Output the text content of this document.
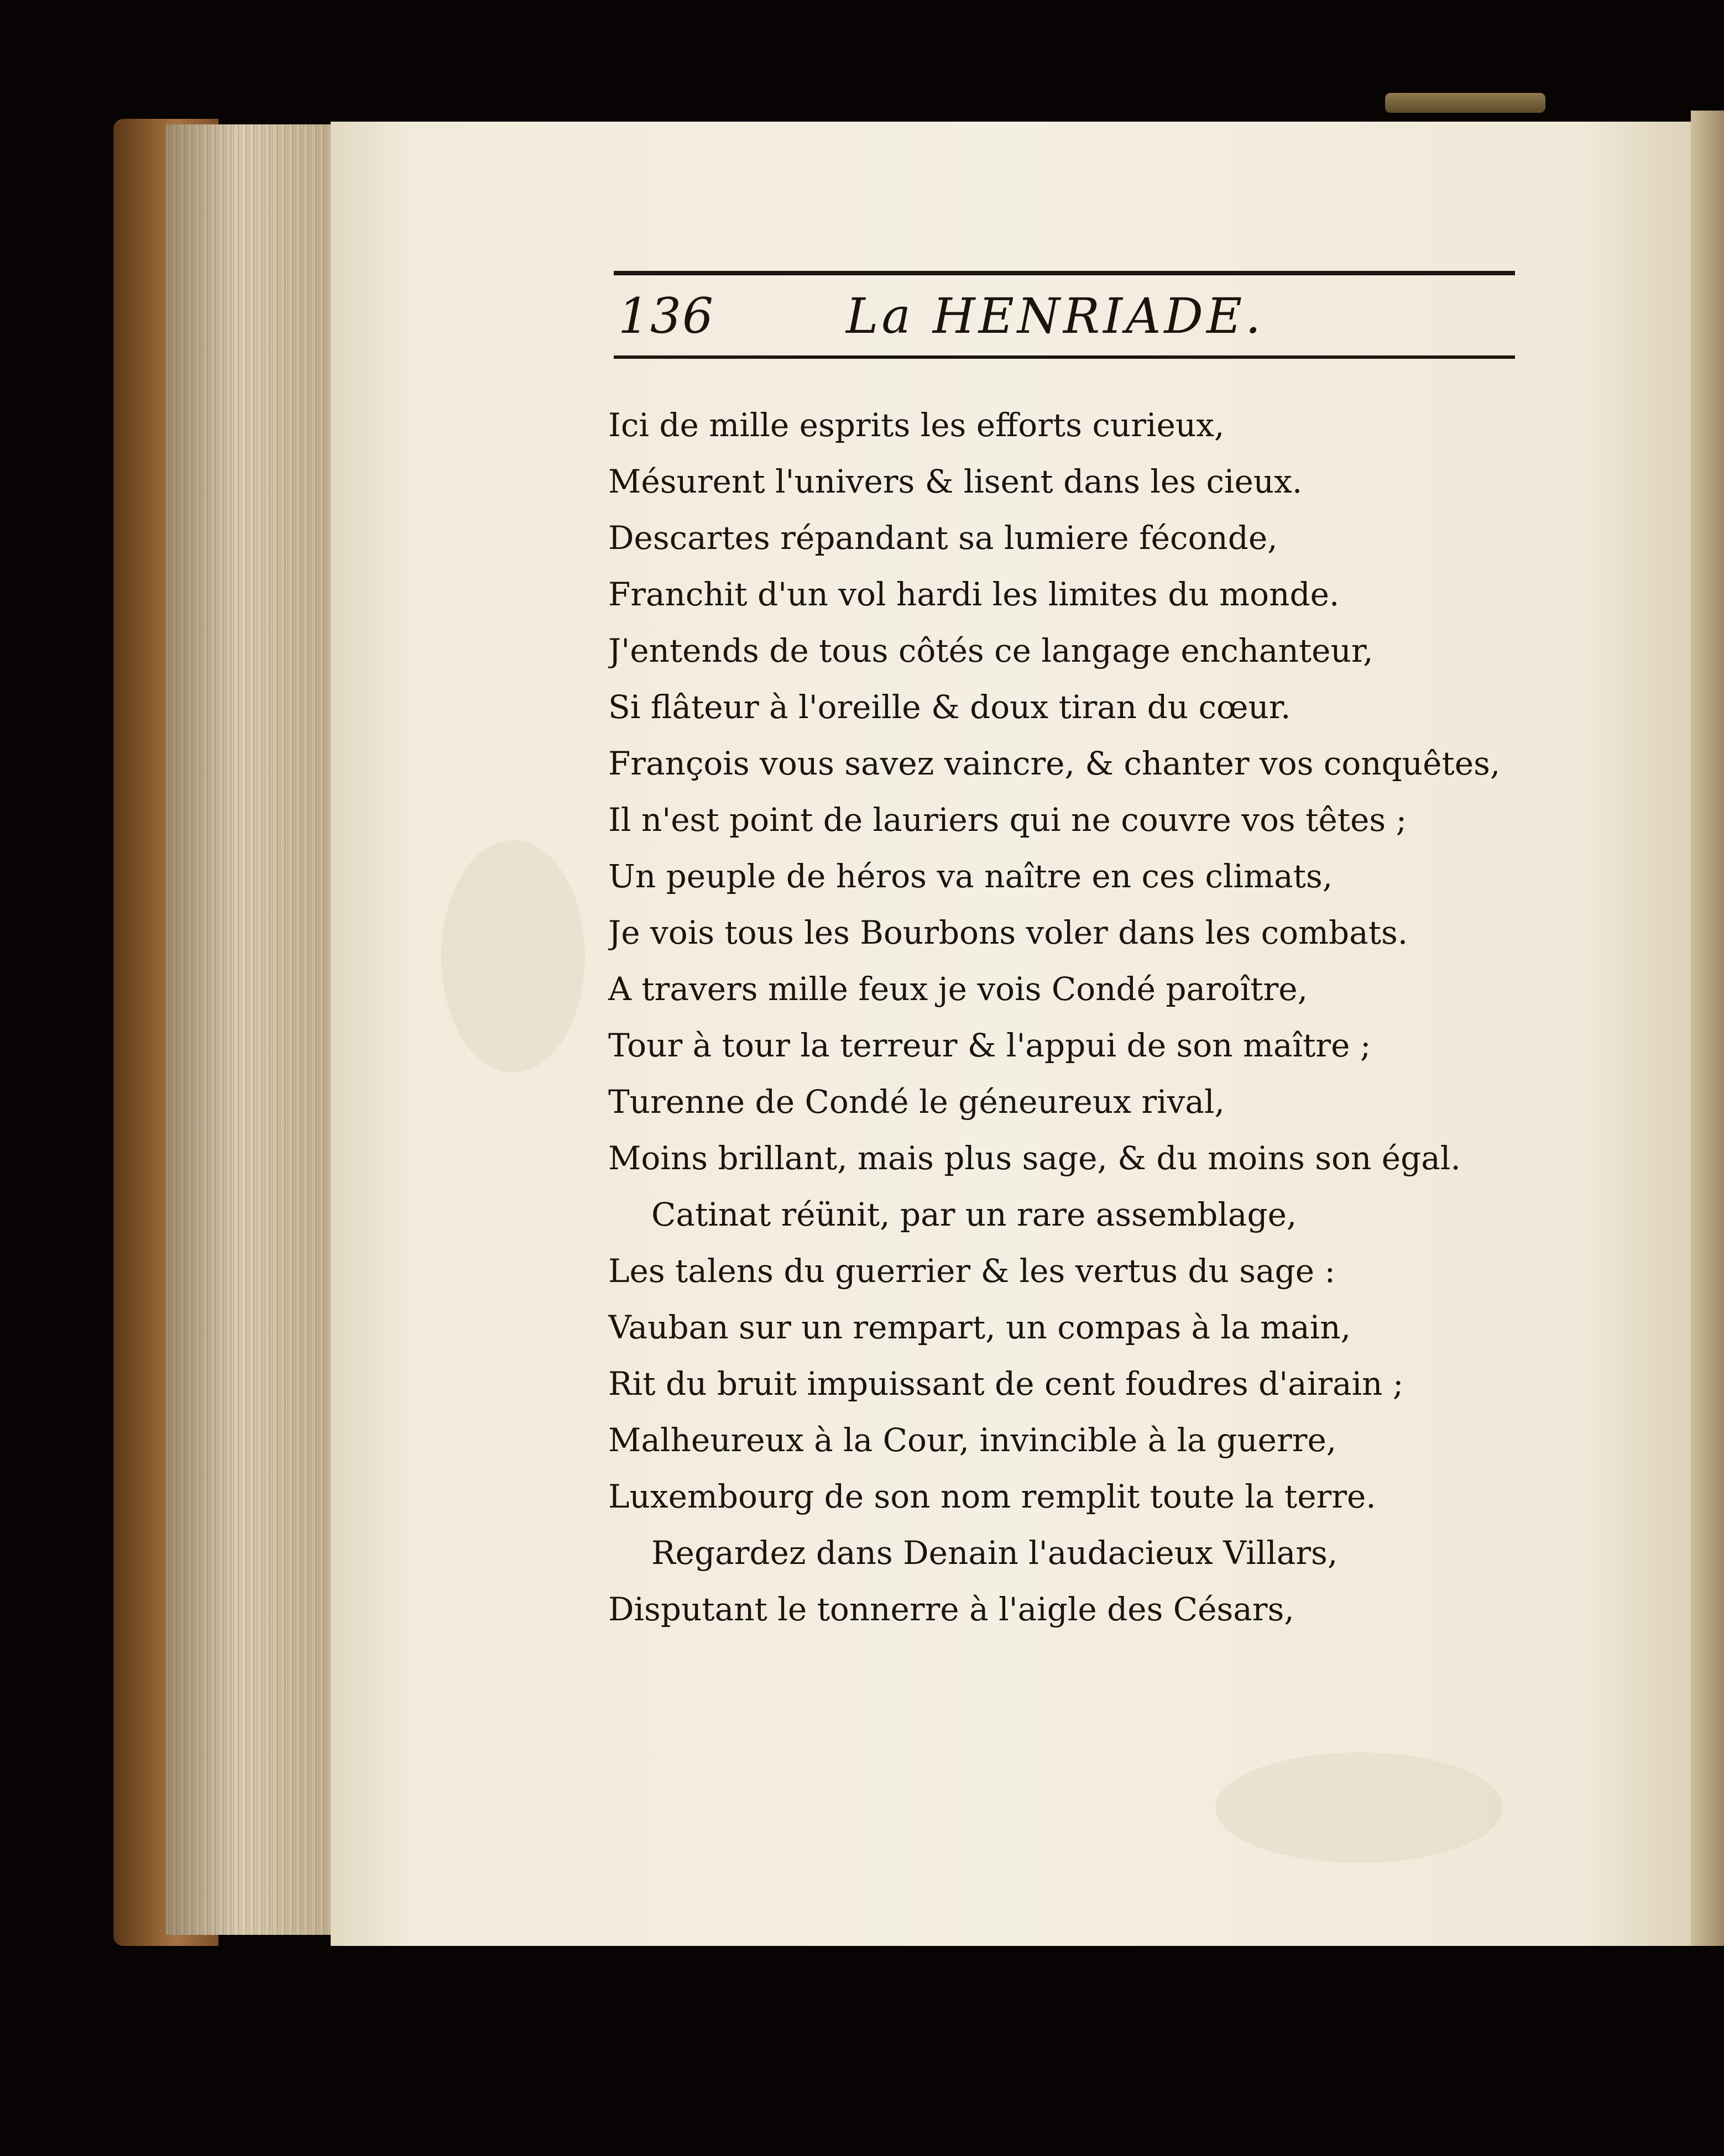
136	La HENRIADE.
Ici de mille esprits les efforts curieux,
Mésurent l'univers & lisent dans les cieux.
Descartes répandant sa lumiere féconde,
Franchit d'un vol hardi les limites du monde.
J'entends de tous côtés ce langage enchanteur,
Si flâteur à l'oreille & doux tiran du cœur.
François vous savez vaincre, & chanter vos conquêtes,
Il n'est point de lauriers qui ne couvre vos têtes ;
Un peuple de héros va naître en ces climats,
Je vois tous les Bourbons voler dans les combats.
A travers mille feux je vois Condé paroître,
Tour à tour la terreur & l'appui de son maître ;
Turenne de Condé le géneureux rival,
Moins brillant, mais plus sage, & du moins son égal.
Catinat réünit, par un rare assemblage,
Les talens du guerrier & les vertus du sage :
Vauban sur un rempart, un compas à la main,
Rit du bruit impuissant de cent foudres d'airain ;
Malheureux à la Cour, invincible à la guerre,
Luxembourg de son nom remplit toute la terre.
Regardez dans Denain l'audacieux Villars,
Disputant le tonnerre à l'aigle des Césars,
